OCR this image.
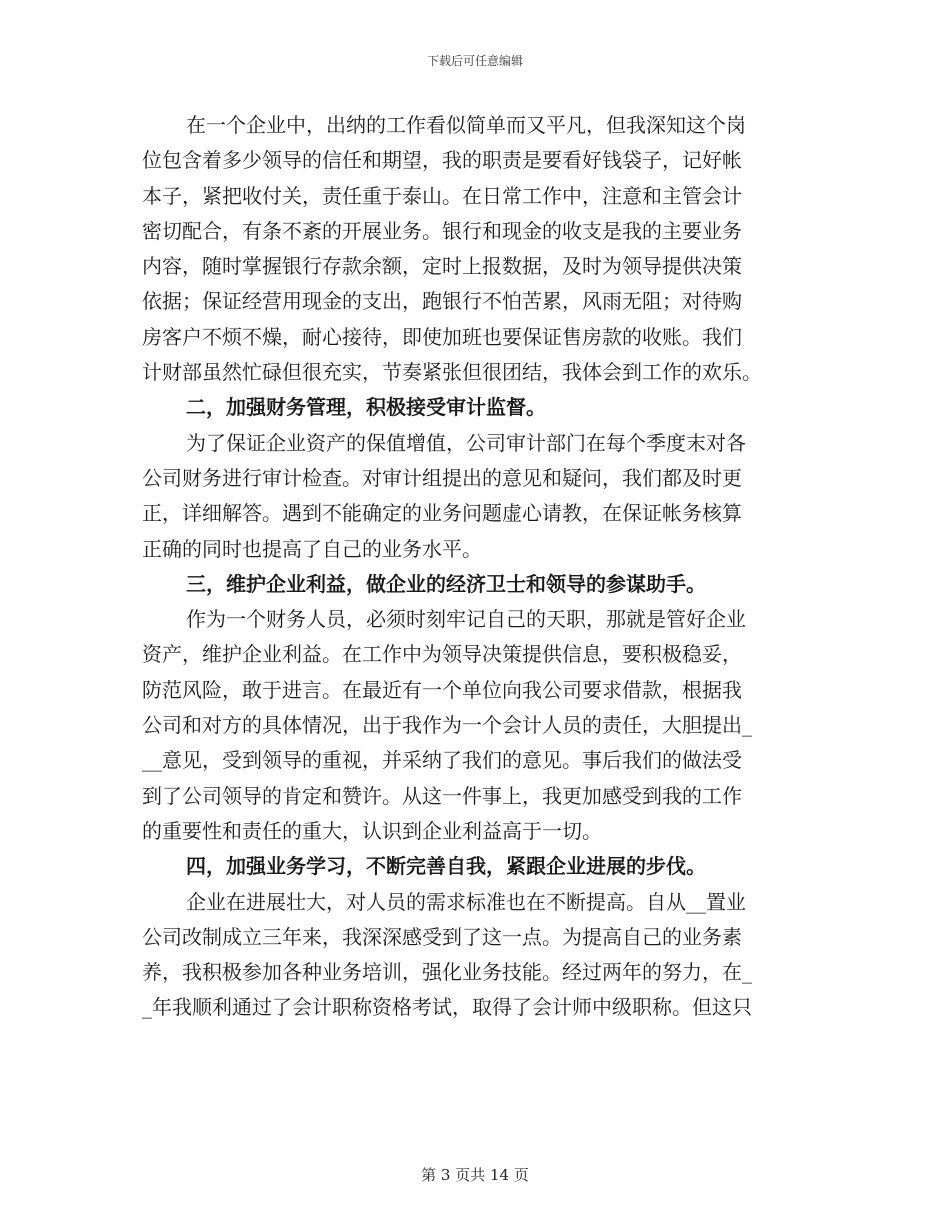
下载后可任意编辑
在一个企业中，出纳的工作看似简单而又平凡，但我深知这个岗
位包含着多少领导的信任和期望，我的职责是要看好钱袋子，记好帐
本子，紧把收付关，责任重于泰山。在日常工作中，注意和主管会计
密切配合，有条不紊的开展业务。银行和现金的收支是我的主要业务
内容，随时掌握银行存款余额，定时上报数据，及时为领导提供决策
依据；保证经营用现金的支出，跑银行不怕苦累，风雨无阻；对待购
房客户不烦不燥，耐心接待，即使加班也要保证售房款的收账。我们
计财部虽然忙碌但很充实，节奏紧张但很团结，我体会到工作的欢乐。
二，加强财务管理，积极接受审计监督。
为了保证企业资产的保值增值，公司审计部门在每个季度末对各
公司财务进行审计检查。对审计组提出的意见和疑问，我们都及时更
正，详细解答。遇到不能确定的业务问题虚心请教，在保证帐务核算
正确的同时也提高了自己的业务水平。
三，维护企业利益，做企业的经济卫士和领导的参谋助手。
作为一个财务人员，必须时刻牢记自己的天职，那就是管好企业
资产，维护企业利益。在工作中为领导决策提供信息，要积极稳妥，
防范风险，敢于进言。在最近有一个单位向我公司要求借款，根据我
公司和对方的具体情况，出于我作为一个会计人员的责任，大胆提出_
__意见，受到领导的重视，并采纳了我们的意见。事后我们的做法受
到了公司领导的肯定和赞许。从这一件事上，我更加感受到我的工作
的重要性和责任的重大，认识到企业利益高于一切。
四，加强业务学习，不断完善自我，紧跟企业进展的步伐。
企业在进展壮大，对人员的需求标准也在不断提高。自从__置业
公司改制成立三年来，我深深感受到了这一点。为提高自己的业务素
养，我积极参加各种业务培训，强化业务技能。经过两年的努力，在_
_年我顺利通过了会计职称资格考试，取得了会计师中级职称。但这只
第 3 页共 14 页
